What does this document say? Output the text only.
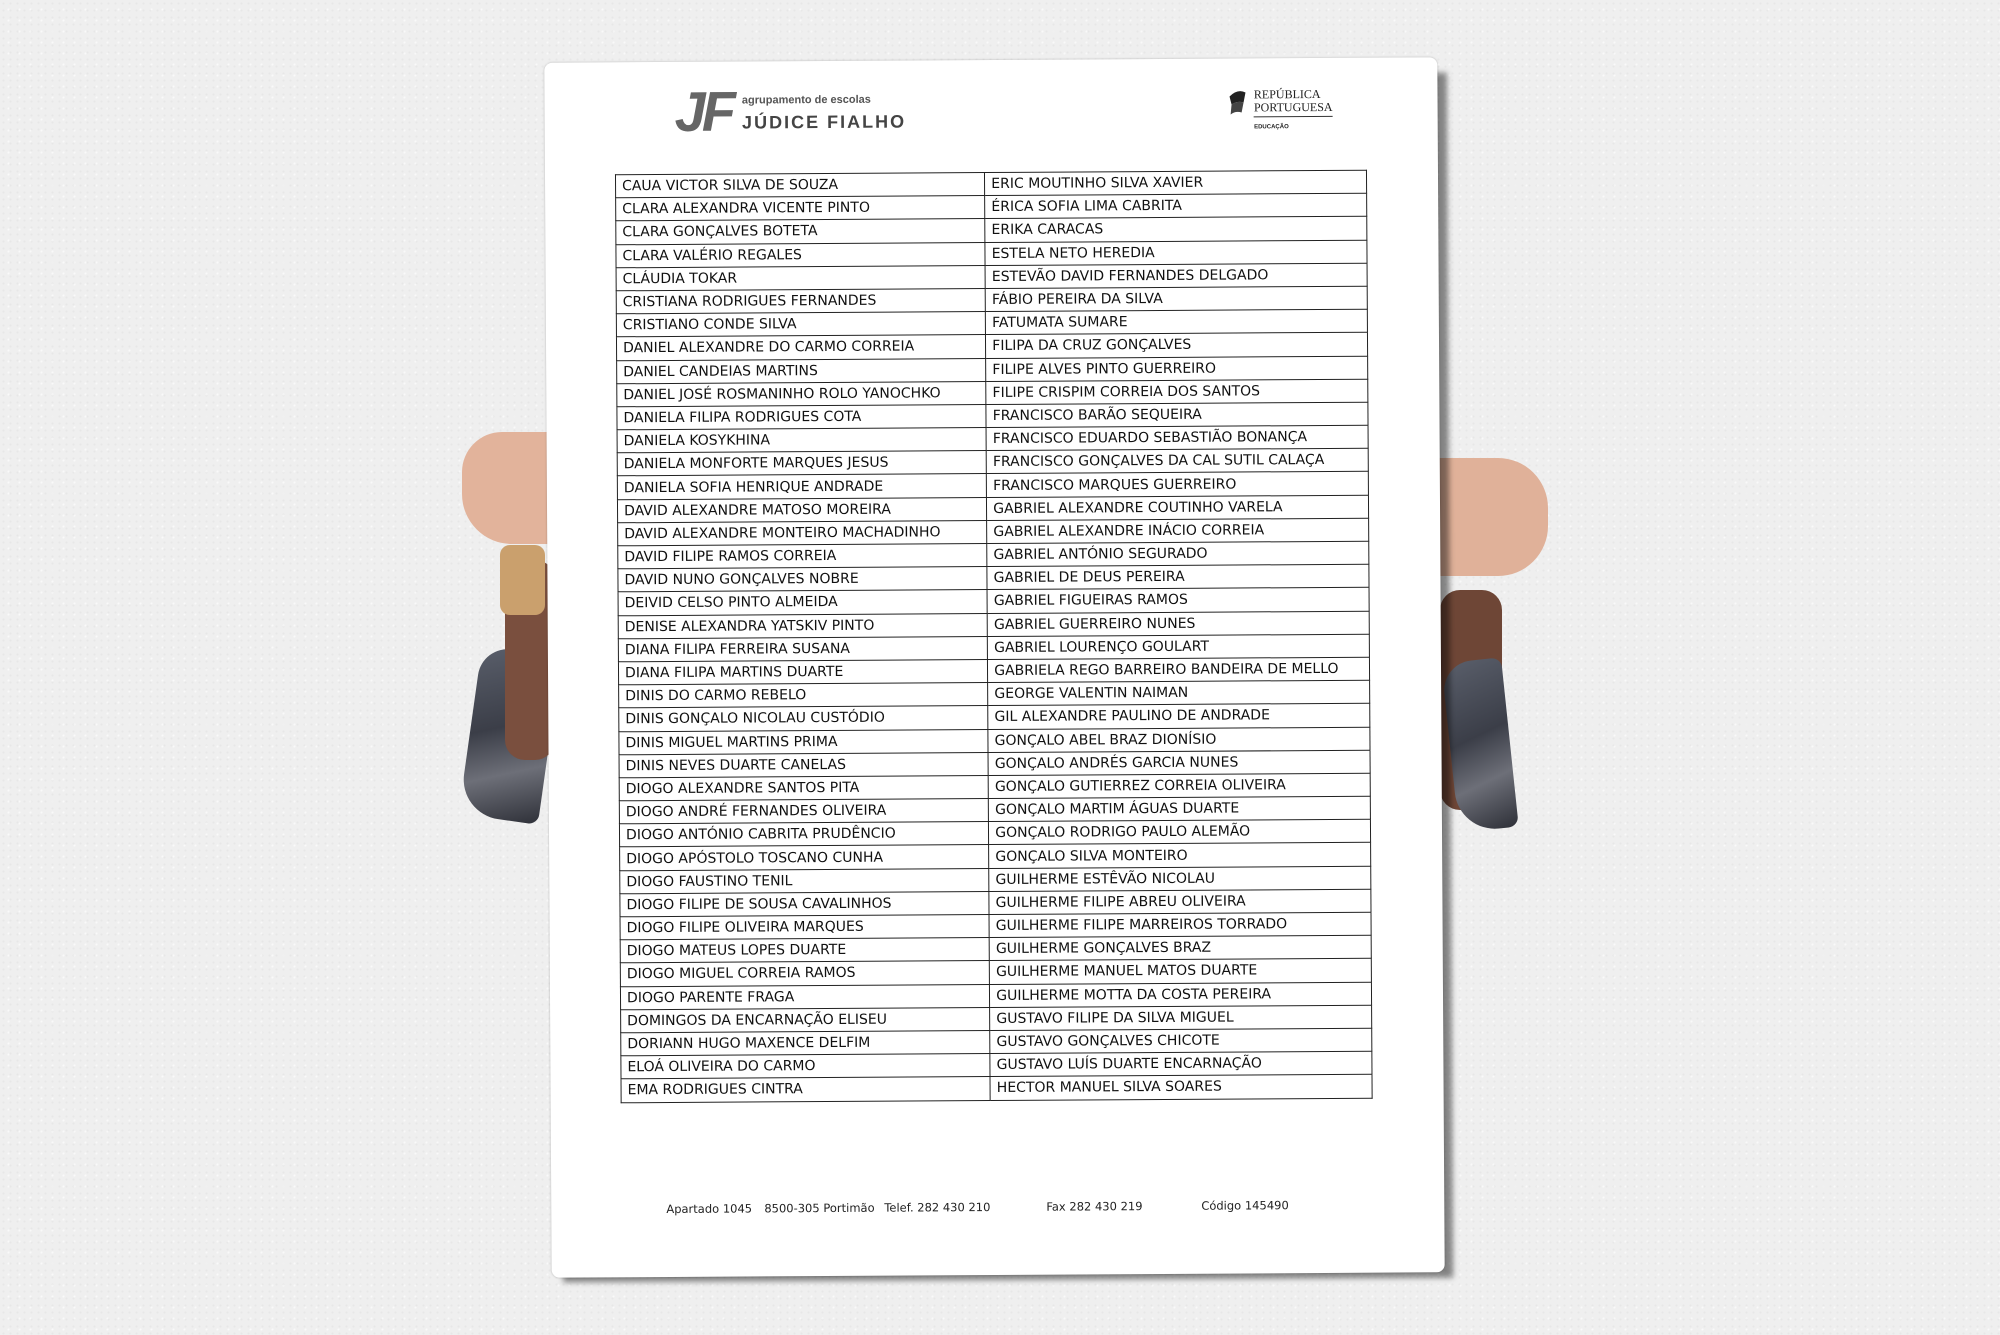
JF agrupamento de escolas
JÚDICE FIALHO
REPÚBLICA
PORTUGUESA
EDUCAÇÃO
CAUA VICTOR SILVA DE SOUZA	ERIC MOUTINHO SILVA XAVIER
CLARA ALEXANDRA VICENTE PINTO	ÉRICA SOFIA LIMA CABRITA
CLARA GONÇALVES BOTETA	ERIKA CARACAS
CLARA VALÉRIO REGALES	ESTELA NETO HEREDIA
CLÁUDIA TOKAR	ESTEVÃO DAVID FERNANDES DELGADO
CRISTIANA RODRIGUES FERNANDES	FÁBIO PEREIRA DA SILVA
CRISTIANO CONDE SILVA	FATUMATA SUMARE
DANIEL ALEXANDRE DO CARMO CORREIA	FILIPA DA CRUZ GONÇALVES
DANIEL CANDEIAS MARTINS	FILIPE ALVES PINTO GUERREIRO
DANIEL JOSÉ ROSMANINHO ROLO YANOCHKO	FILIPE CRISPIM CORREIA DOS SANTOS
DANIELA FILIPA RODRIGUES COTA	FRANCISCO BARÃO SEQUEIRA
DANIELA KOSYKHINA	FRANCISCO EDUARDO SEBASTIÃO BONANÇA
DANIELA MONFORTE MARQUES JESUS	FRANCISCO GONÇALVES DA CAL SUTIL CALAÇA
DANIELA SOFIA HENRIQUE ANDRADE	FRANCISCO MARQUES GUERREIRO
DAVID ALEXANDRE MATOSO MOREIRA	GABRIEL ALEXANDRE COUTINHO VARELA
DAVID ALEXANDRE MONTEIRO MACHADINHO	GABRIEL ALEXANDRE INÁCIO CORREIA
DAVID FILIPE RAMOS CORREIA	GABRIEL ANTÓNIO SEGURADO
DAVID NUNO GONÇALVES NOBRE	GABRIEL DE DEUS PEREIRA
DEIVID CELSO PINTO ALMEIDA	GABRIEL FIGUEIRAS RAMOS
DENISE ALEXANDRA YATSKIV PINTO	GABRIEL GUERREIRO NUNES
DIANA FILIPA FERREIRA SUSANA	GABRIEL LOURENÇO GOULART
DIANA FILIPA MARTINS DUARTE	GABRIELA REGO BARREIRO BANDEIRA DE MELLO
DINIS DO CARMO REBELO	GEORGE VALENTIN NAIMAN
DINIS GONÇALO NICOLAU CUSTÓDIO	GIL ALEXANDRE PAULINO DE ANDRADE
DINIS MIGUEL MARTINS PRIMA	GONÇALO ABEL BRAZ DIONÍSIO
DINIS NEVES DUARTE CANELAS	GONÇALO ANDRÉS GARCIA NUNES
DIOGO ALEXANDRE SANTOS PITA	GONÇALO GUTIERREZ CORREIA OLIVEIRA
DIOGO ANDRÉ FERNANDES OLIVEIRA	GONÇALO MARTIM ÁGUAS DUARTE
DIOGO ANTÓNIO CABRITA PRUDÊNCIO	GONÇALO RODRIGO PAULO ALEMÃO
DIOGO APÓSTOLO TOSCANO CUNHA	GONÇALO SILVA MONTEIRO
DIOGO FAUSTINO TENIL	GUILHERME ESTÊVÃO NICOLAU
DIOGO FILIPE DE SOUSA CAVALINHOS	GUILHERME FILIPE ABREU OLIVEIRA
DIOGO FILIPE OLIVEIRA MARQUES	GUILHERME FILIPE MARREIROS TORRADO
DIOGO MATEUS LOPES DUARTE	GUILHERME GONÇALVES BRAZ
DIOGO MIGUEL CORREIA RAMOS	GUILHERME MANUEL MATOS DUARTE
DIOGO PARENTE FRAGA	GUILHERME MOTTA DA COSTA PEREIRA
DOMINGOS DA ENCARNAÇÃO ELISEU	GUSTAVO FILIPE DA SILVA MIGUEL
DORIANN HUGO MAXENCE DELFIM	GUSTAVO GONÇALVES CHICOTE
ELOÁ OLIVEIRA DO CARMO	GUSTAVO LUÍS DUARTE ENCARNAÇÃO
EMA RODRIGUES CINTRA	HECTOR MANUEL SILVA SOARES
Apartado 1045 8500-305 Portimão Telef. 282 430 210	Fax 282 430 219	Código 145490
